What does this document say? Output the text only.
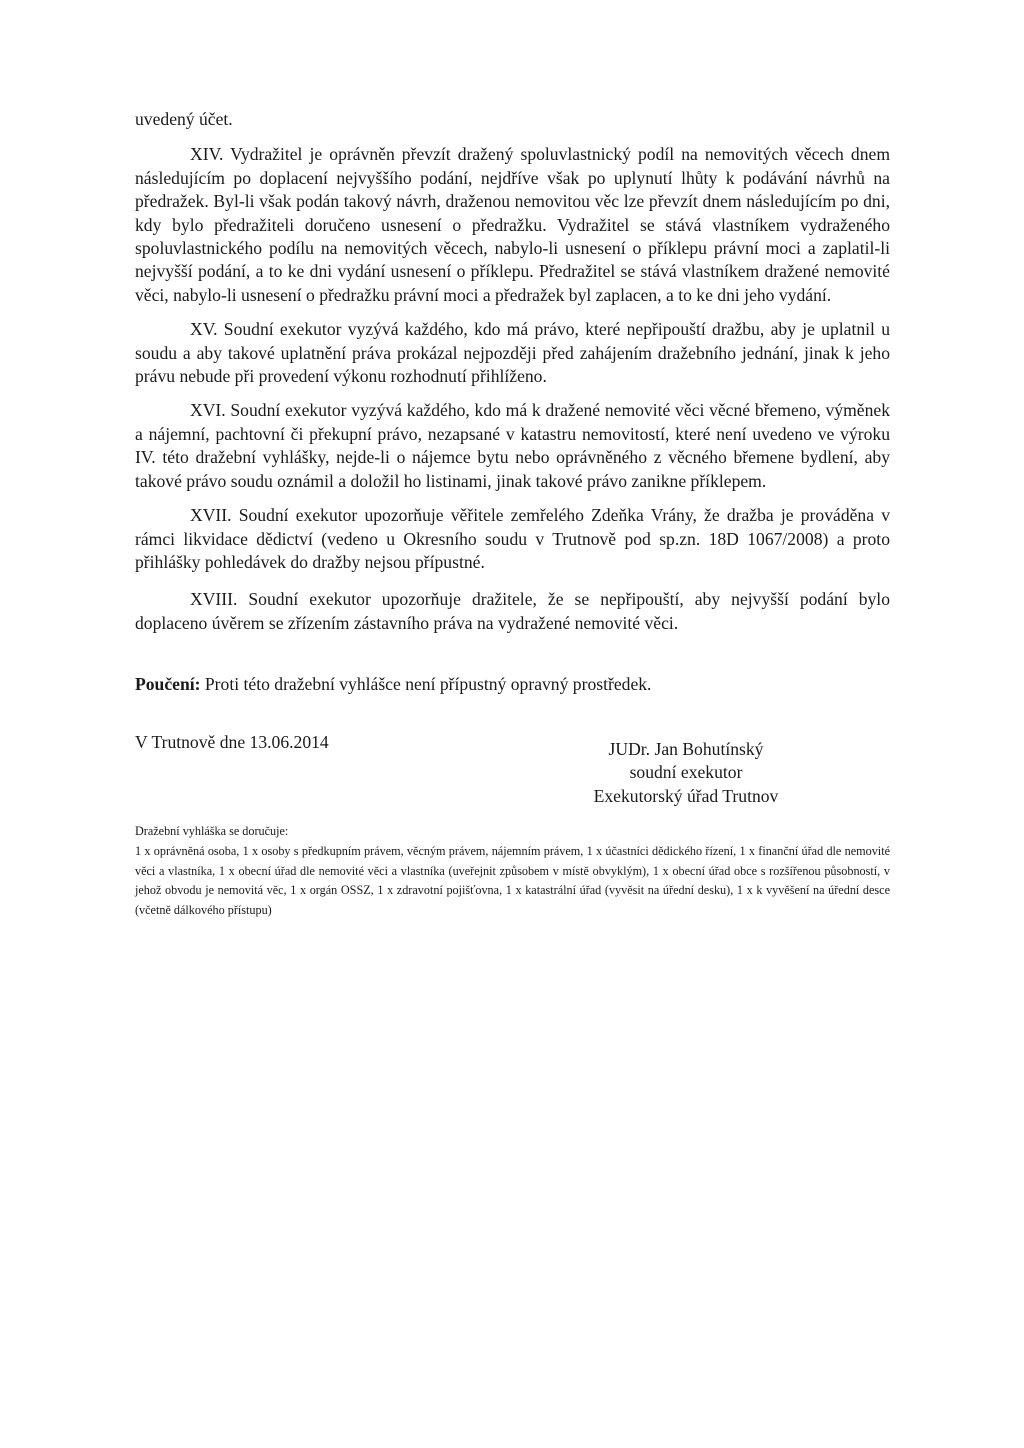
uvedený účet.

XIV. Vydražitel je oprávněn převzít dražený spoluvlastnický podíl na nemovitých věcech dnem následujícím po doplacení nejvyššího podání, nejdříve však po uplynutí lhůty k podávání návrhů na předražek. Byl-li však podán takový návrh, draženou nemovitou věc lze převzít dnem následujícím po dni, kdy bylo předražiteli doručeno usnesení o předražku. Vydražitel se stává vlastníkem vydraženého spoluvlastnického podílu na nemovitých věcech, nabylo-li usnesení o příklepu právní moci a zaplatil-li nejvyšší podání, a to ke dni vydání usnesení o příklepu. Předražitel se stává vlastníkem dražené nemovité věci, nabylo-li usnesení o předražku právní moci a předražek byl zaplacen, a to ke dni jeho vydání.

XV. Soudní exekutor vyzývá každého, kdo má právo, které nepřipouští dražbu, aby je uplatnil u soudu a aby takové uplatnění práva prokázal nejpozději před zahájením dražebního jednání, jinak k jeho právu nebude při provedení výkonu rozhodnutí přihlíženo.

XVI. Soudní exekutor vyzývá každého, kdo má k dražené nemovité věci věcné břemeno, výměnek a nájemní, pachtovní či překupní právo, nezapsané v katastru nemovitostí, které není uvedeno ve výroku IV. této dražební vyhlášky, nejde-li o nájemce bytu nebo oprávněného z věcného břemene bydlení, aby takové právo soudu oznámil a doložil ho listinami, jinak takové právo zanikne příklepem.

XVII. Soudní exekutor upozorňuje věřitele zemřelého Zdeňka Vrány, že dražba je prováděna v rámci likvidace dědictví (vedeno u Okresního soudu v Trutnově pod sp.zn. 18D 1067/2008) a proto přihlášky pohledávek do dražby nejsou přípustné.

XVIII. Soudní exekutor upozorňuje dražitele, že se nepřipouští, aby nejvyšší podání bylo doplaceno úvěrem se zřízením zástavního práva na vydražené nemovité věci.

Poučení: Proti této dražební vyhlášce není přípustný opravný prostředek.

V Trutnově dne 13.06.2014	JUDr. Jan Bohutínský
soudní exekutor
Exekutorský úřad Trutnov
Dražební vyhláška se doručuje:
1 x oprávněná osoba, 1 x osoby s předkupním právem, věcným právem, nájemním právem, 1 x účastníci dědického řízení, 1 x finanční úřad dle nemovité věci a vlastníka, 1 x obecní úřad dle nemovité věci a vlastníka (uveřejnit způsobem v místě obvyklým), 1 x obecní úřad obce s rozšířenou působností, v jehož obvodu je nemovitá věc, 1 x orgán OSSZ, 1 x zdravotní pojišťovna, 1 x katastrální úřad (vyvěsit na úřední desku), 1 x k vyvěšení na úřední desce (včetně dálkového přístupu)
